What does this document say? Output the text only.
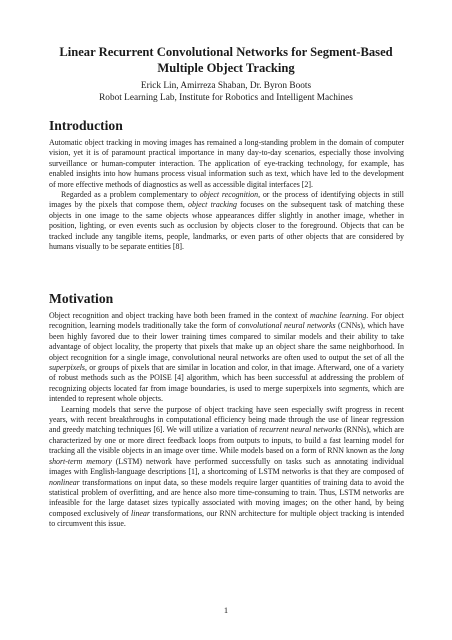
Linear Recurrent Convolutional Networks for Segment-Based
Multiple Object Tracking
Erick Lin, Amirreza Shaban, Dr. Byron Boots
Robot Learning Lab, Institute for Robotics and Intelligent Machines
Introduction

Automatic object tracking in moving images has remained a long-standing problem in the domain of computer vision, yet it is of paramount practical importance in many day-to-day scenarios, especially those involving surveillance or human-computer interaction. The application of eye-tracking technology, for example, has enabled insights into how humans process visual information such as text, which have led to the development of more effective methods of diagnostics as well as accessible digital interfaces [2].

Regarded as a problem complementary to object recognition, or the process of identifying objects in still images by the pixels that compose them, object tracking focuses on the subsequent task of matching these objects in one image to the same objects whose appearances differ slightly in another image, whether in position, lighting, or even events such as occlusion by objects closer to the foreground. Objects that can be tracked include any tangible items, people, landmarks, or even parts of other objects that are considered by humans visually to be separate entities [8].

Motivation

Object recognition and object tracking have both been framed in the context of machine learning. For object recognition, learning models traditionally take the form of convolutional neural networks (CNNs), which have been highly favored due to their lower training times compared to similar models and their ability to take advantage of object locality, the property that pixels that make up an object share the same neighborhood. In object recognition for a single image, convolutional neural networks are often used to output the set of all the superpixels, or groups of pixels that are similar in location and color, in that image. Afterward, one of a variety of robust methods such as the POISE [4] algorithm, which has been successful at addressing the problem of recognizing objects located far from image boundaries, is used to merge superpixels into segments, which are intended to represent whole objects.

Learning models that serve the purpose of object tracking have seen especially swift progress in recent years, with recent breakthroughs in computational efficiency being made through the use of linear regression and greedy matching techniques [6]. We will utilize a variation of recurrent neural networks (RNNs), which are characterized by one or more direct feedback loops from outputs to inputs, to build a fast learning model for tracking all the visible objects in an image over time. While models based on a form of RNN known as the long short-term memory (LSTM) network have performed successfully on tasks such as annotating individual images with English-language descriptions [1], a shortcoming of LSTM networks is that they are composed of nonlinear transformations on input data, so these models require larger quantities of training data to avoid the statistical problem of overfitting, and are hence also more time-consuming to train. Thus, LSTM networks are infeasible for the large dataset sizes typically associated with moving images; on the other hand, by being composed exclusively of linear transformations, our RNN architecture for multiple object tracking is intended to circumvent this issue.

1
